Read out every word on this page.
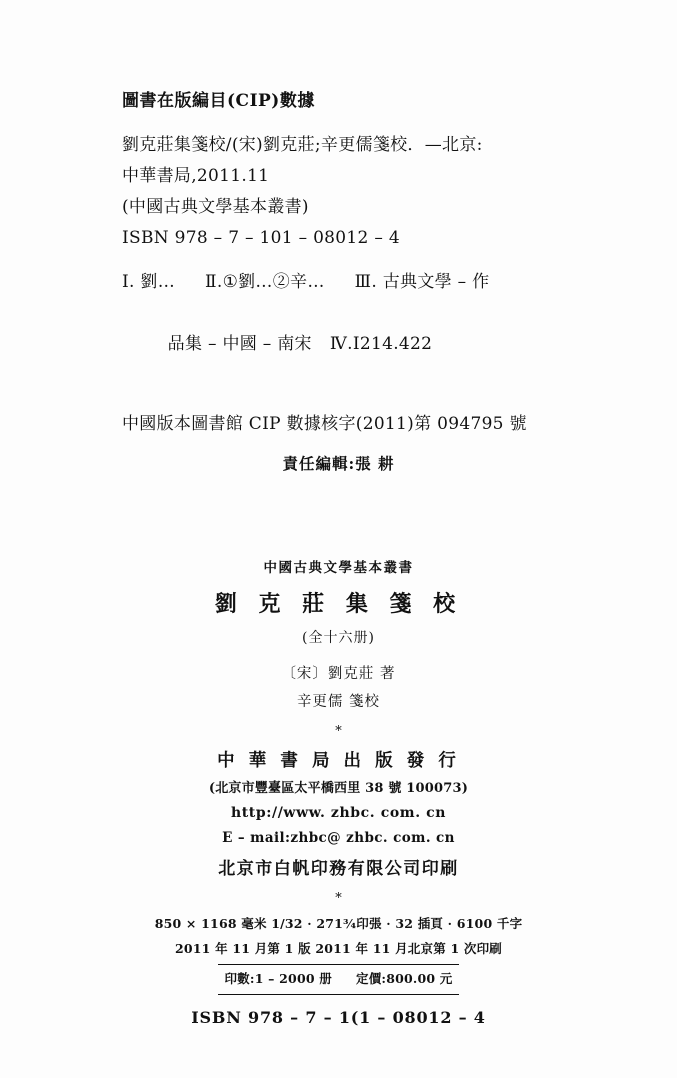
圖書在版編目(CIP)數據
劉克莊集箋校/(宋)劉克莊;辛更儒箋校．—北京:
中華書局,2011.11
(中國古典文學基本叢書)
ISBN 978 – 7 – 101 – 08012 – 4
Ⅰ. 劉… Ⅱ.①劉…②辛… Ⅲ. 古典文學 – 作

品集 – 中國 – 南宋 Ⅳ.I214.422

中國版本圖書館 CIP 數據核字(2011)第 094795 號
責任編輯:張 耕
中國古典文學基本叢書
劉 克 莊 集 箋 校
(全十六册)
〔宋〕劉克莊 著
辛更儒 箋校
*
中 華 書 局 出 版 發 行
(北京市豐臺區太平橋西里 38 號 100073)
http://www. zhbc. com. cn
E – mail:zhbc@ zhbc. com. cn
北京市白帆印務有限公司印刷
*
850 × 1168 毫米 1/32 · 271¾印張 · 32 插頁 · 6100 千字
2011 年 11 月第 1 版 2011 年 11 月北京第 1 次印刷
印數:1 – 2000 册 定價:800.00 元
ISBN 978 – 7 – 1(1 – 08012 – 4
